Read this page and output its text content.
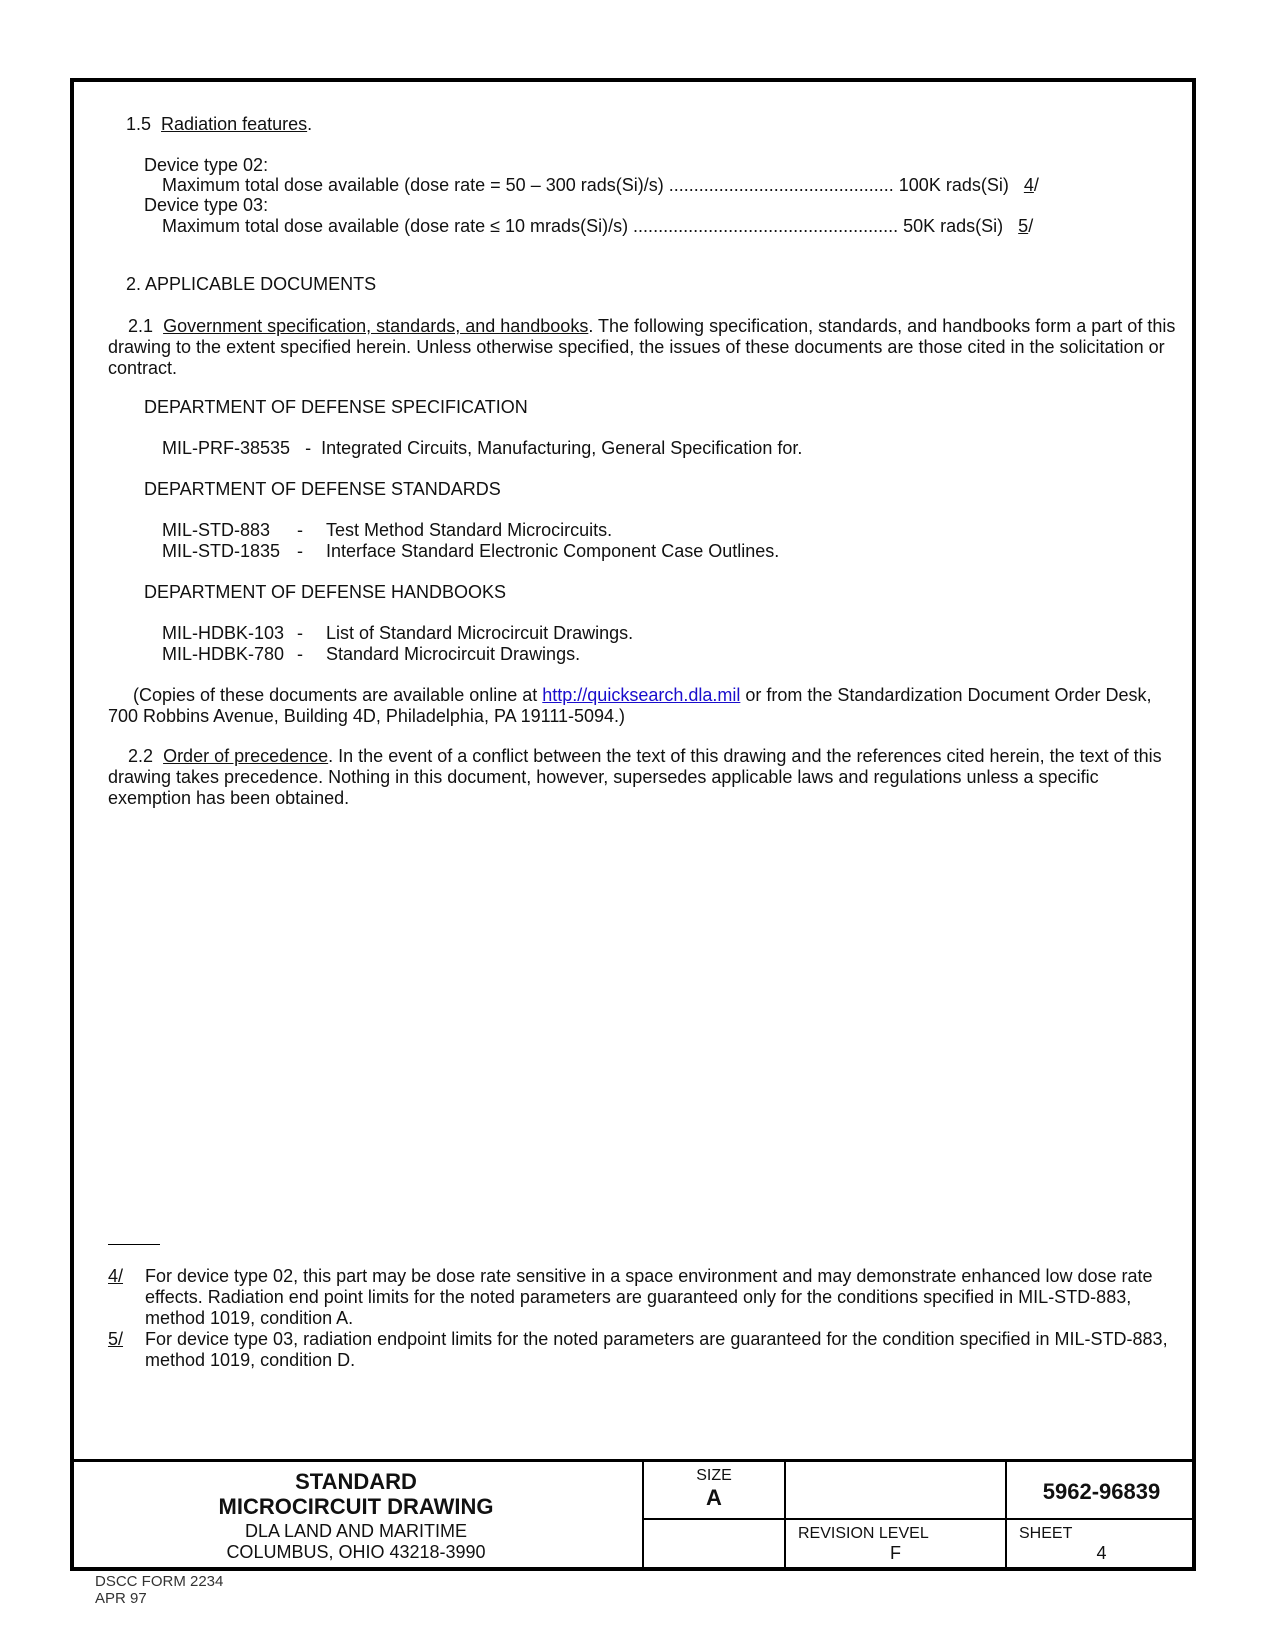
1.5 Radiation features.
Device type 02:
Maximum total dose available (dose rate = 50 – 300 rads(Si)/s) ............................................. 100K rads(Si) 4/
Device type 03:
Maximum total dose available (dose rate ≤ 10 mrads(Si)/s) ..................................................... 50K rads(Si) 5/
2. APPLICABLE DOCUMENTS

2.1 Government specification, standards, and handbooks. The following specification, standards, and handbooks form a part of this drawing to the extent specified herein. Unless otherwise specified, the issues of these documents are those cited in the solicitation or contract.

DEPARTMENT OF DEFENSE SPECIFICATION
MIL-PRF-38535 - Integrated Circuits, Manufacturing, General Specification for.
DEPARTMENT OF DEFENSE STANDARDS
MIL-STD-883 - Test Method Standard Microcircuits.
MIL-STD-1835 - Interface Standard Electronic Component Case Outlines.
DEPARTMENT OF DEFENSE HANDBOOKS
MIL-HDBK-103 - List of Standard Microcircuit Drawings.
MIL-HDBK-780 - Standard Microcircuit Drawings.

(Copies of these documents are available online at http://quicksearch.dla.mil or from the Standardization Document Order Desk, 700 Robbins Avenue, Building 4D, Philadelphia, PA 19111-5094.)

2.2 Order of precedence. In the event of a conflict between the text of this drawing and the references cited herein, the text of this drawing takes precedence. Nothing in this document, however, supersedes applicable laws and regulations unless a specific exemption has been obtained.

4/ For device type 02, this part may be dose rate sensitive in a space environment and may demonstrate enhanced low dose rate effects. Radiation end point limits for the noted parameters are guaranteed only for the conditions specified in MIL-STD-883, method 1019, condition A.
5/ For device type 03, radiation endpoint limits for the noted parameters are guaranteed for the condition specified in MIL-STD-883, method 1019, condition D.
STANDARD
MICROCIRCUIT DRAWING
DLA LAND AND MARITIME
COLUMBUS, OHIO 43218-3990
SIZE
A	5962-96839
REVISION LEVEL
F
SHEET
4
DSCC FORM 2234
APR 97
